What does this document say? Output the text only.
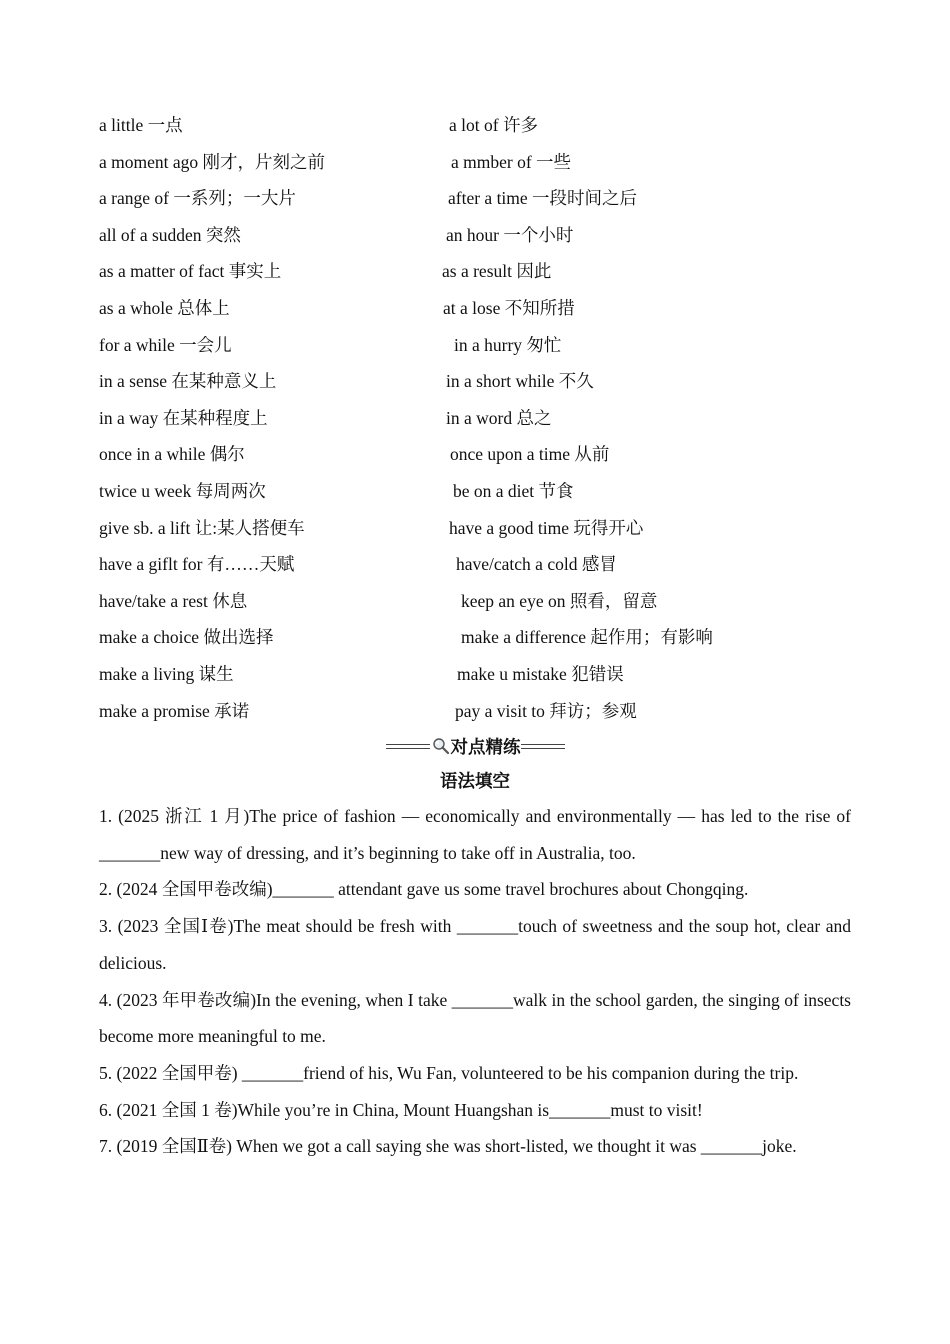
a little 一点	a lot of 许多
a moment ago 刚才，片刻之前	a mmber of 一些
a range of 一系列；一大片	after a time 一段时间之后
all of a sudden 突然	an hour 一个小时
as a matter of fact 事实上	as a result 因此
as a whole 总体上	at a lose 不知所措
for a while 一会儿	in a hurry 匆忙
in a sense 在某种意义上	in a short while 不久
in a way 在某种程度上	in a word 总之
once in a while 偶尔	once upon a time 从前
twice u week 每周两次	be on a diet 节食
give sb. a lift 让:某人搭便车	have a good time 玩得开心
have a giflt for 有……天赋	have/catch a cold 感冒
have/take a rest 休息	keep an eye on 照看，留意
make a choice 做出选择	make a difference 起作用；有影响
make a living 谋生	make u mistake 犯错误
make a promise 承诺	pay a visit to 拜访；参观
对点精练
语法填空

1. (2025 浙江 1 月)The price of fashion — economically and environmentally — has led to the rise of _______new way of dressing, and it’s beginning to take off in Australia, too.

2. (2024 全国甲卷改编)_______ attendant gave us some travel brochures about Chongqing.

3. (2023 全国Ⅰ卷)The meat should be fresh with _______touch of sweetness and the soup hot, clear and delicious.

4. (2023 年甲卷改编)In the evening, when I take _______walk in the school garden, the singing of insects become more meaningful to me.

5. (2022 全国甲卷) _______friend of his, Wu Fan, volunteered to be his companion during the trip.

6. (2021 全国 1 卷)While you’re in China, Mount Huangshan is_______must to visit!

7. (2019 全国Ⅱ卷) When we got a call saying she was short-listed, we thought it was _______joke.
